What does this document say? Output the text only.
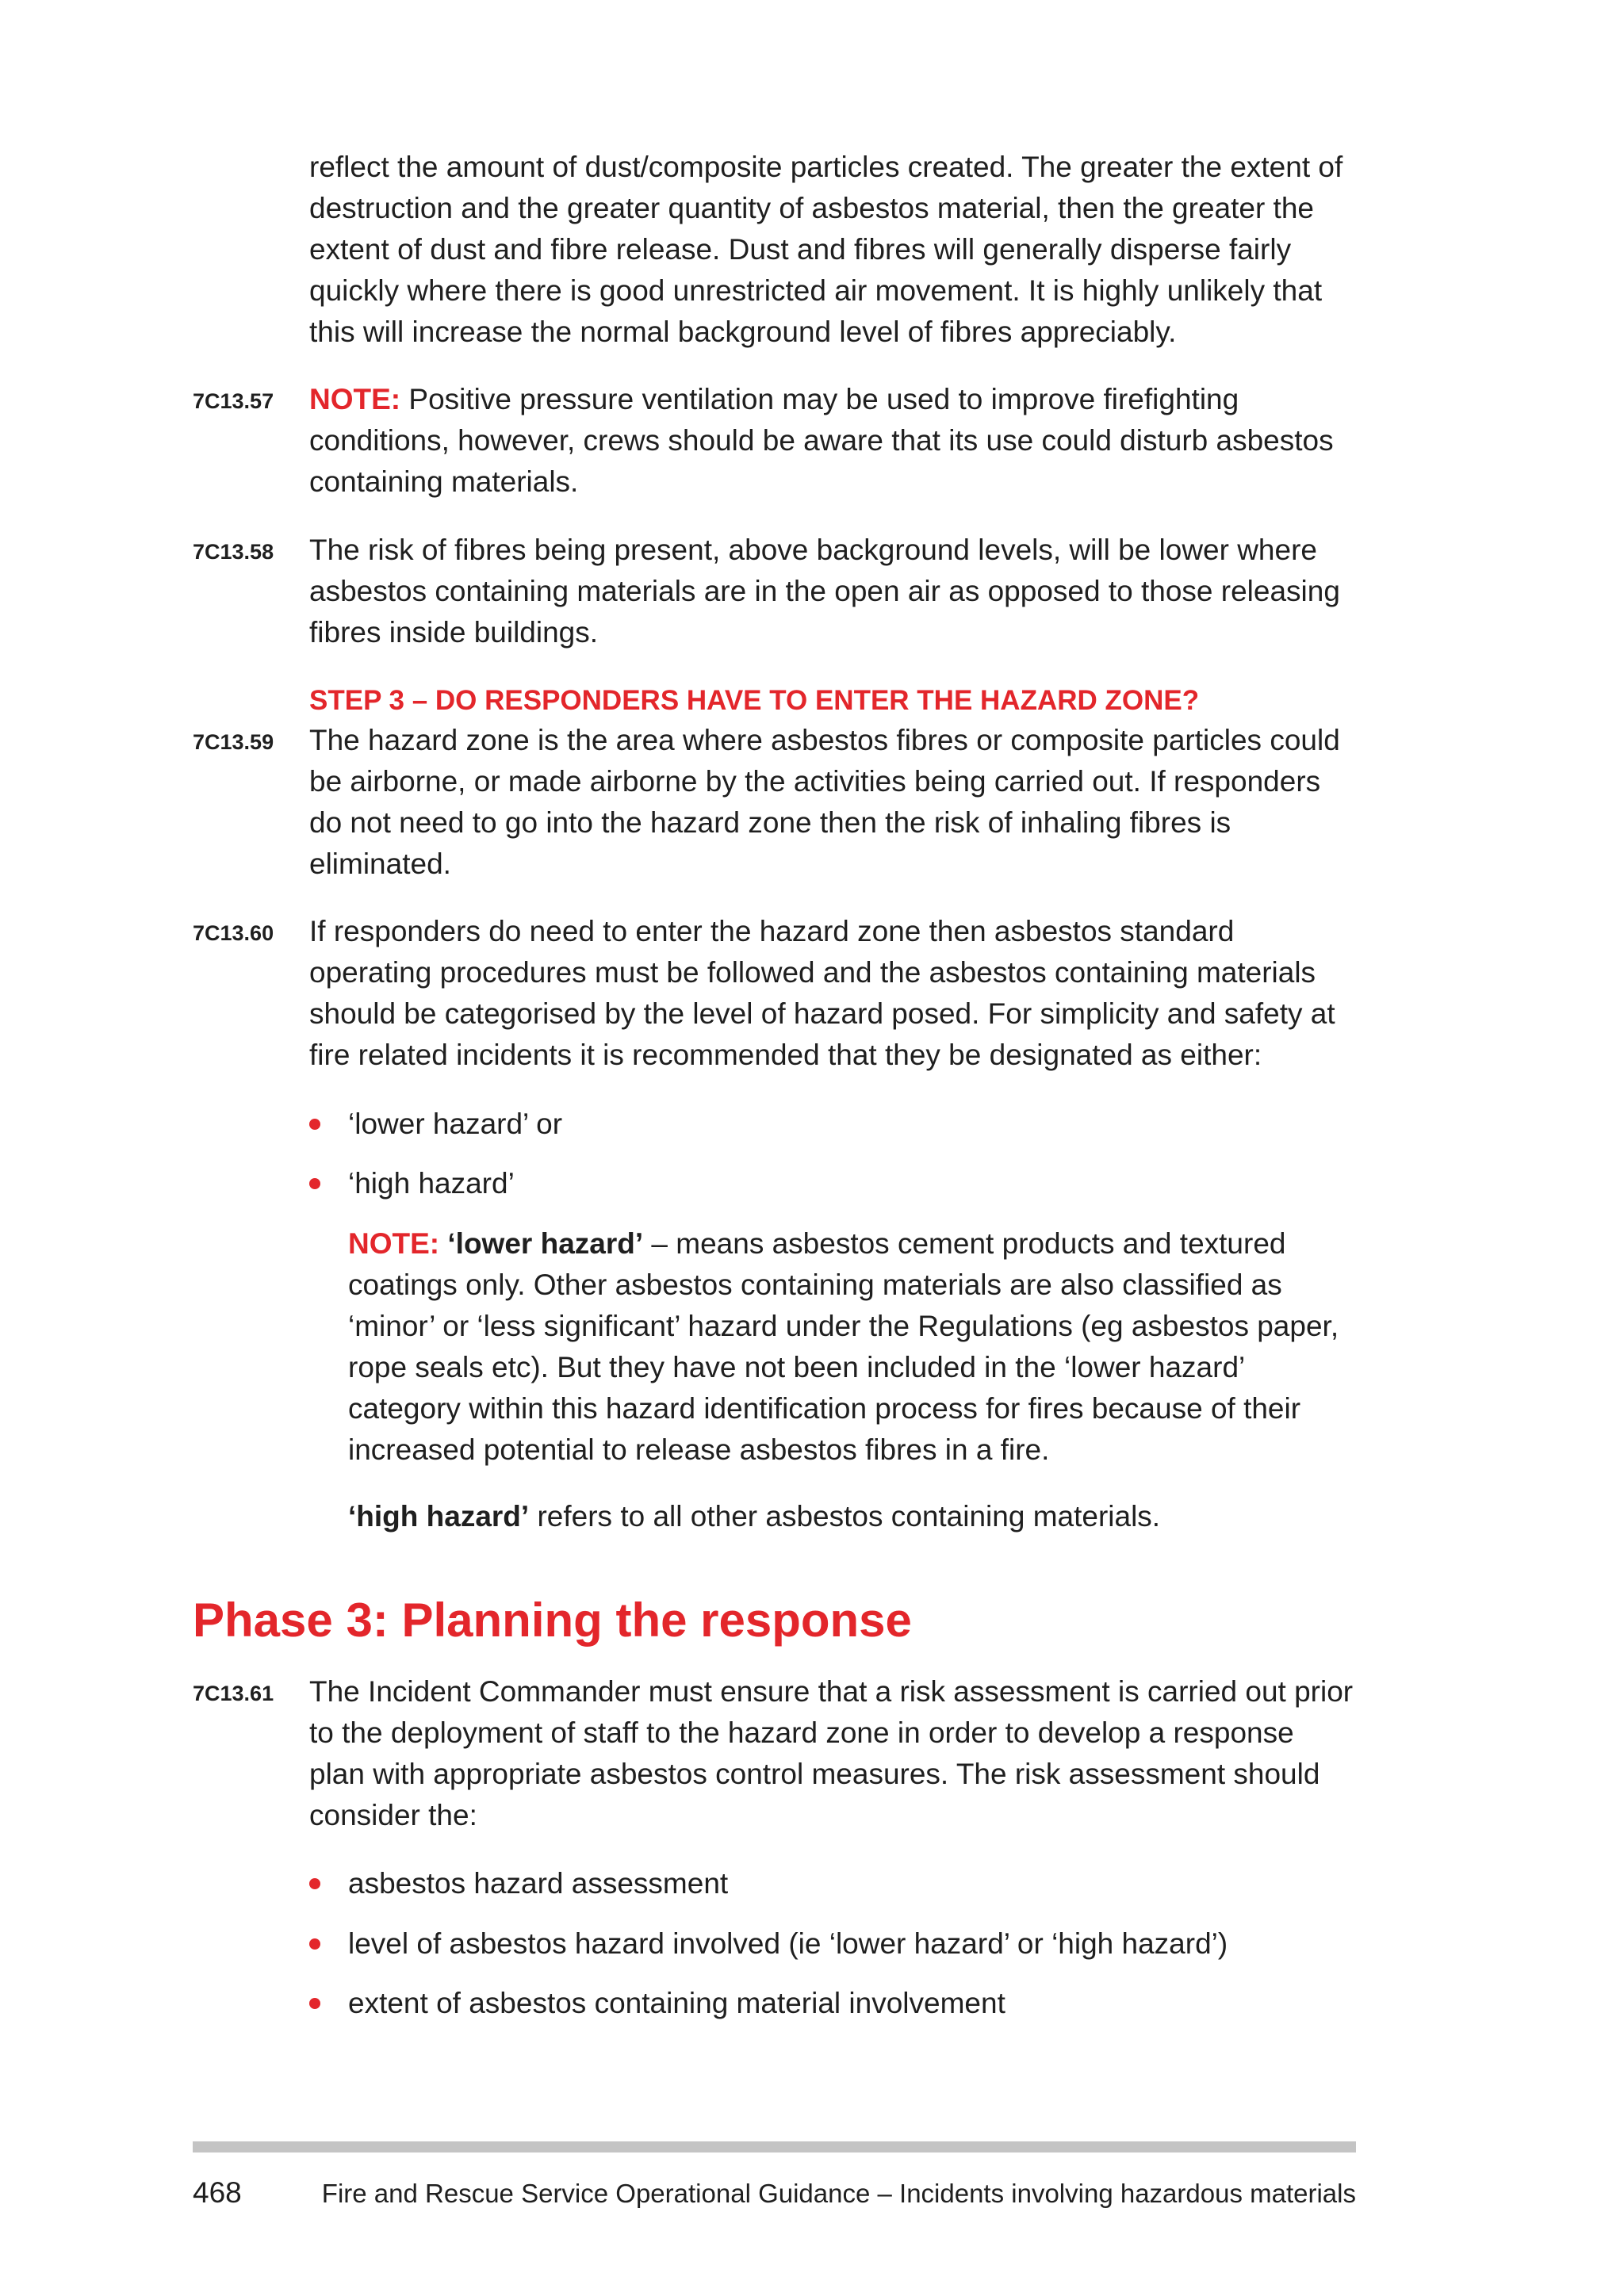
reflect the amount of dust/composite particles created. The greater the extent of destruction and the greater quantity of asbestos material, then the greater the extent of dust and fibre release. Dust and fibres will generally disperse fairly quickly where there is good unrestricted air movement. It is highly unlikely that this will increase the normal background level of fibres appreciably.

7C13.57 NOTE: Positive pressure ventilation may be used to improve firefighting conditions, however, crews should be aware that its use could disturb asbestos containing materials.

7C13.58 The risk of fibres being present, above background levels, will be lower where asbestos containing materials are in the open air as opposed to those releasing fibres inside buildings.

STEP 3 – DO RESPONDERS HAVE TO ENTER THE HAZARD ZONE?

7C13.59 The hazard zone is the area where asbestos fibres or composite particles could be airborne, or made airborne by the activities being carried out. If responders do not need to go into the hazard zone then the risk of inhaling fibres is eliminated.

7C13.60 If responders do need to enter the hazard zone then asbestos standard operating procedures must be followed and the asbestos containing materials should be categorised by the level of hazard posed. For simplicity and safety at fire related incidents it is recommended that they be designated as either:

‘lower hazard’ or
‘high hazard’

NOTE: ‘lower hazard’ – means asbestos cement products and textured coatings only. Other asbestos containing materials are also classified as ‘minor’ or ‘less significant’ hazard under the Regulations (eg asbestos paper, rope seals etc). But they have not been included in the ‘lower hazard’ category within this hazard identification process for fires because of their increased potential to release asbestos fibres in a fire.

‘high hazard’ refers to all other asbestos containing materials.

Phase 3: Planning the response
7C13.61 The Incident Commander must ensure that a risk assessment is carried out prior to the deployment of staff to the hazard zone in order to develop a response plan with appropriate asbestos control measures. The risk assessment should consider the:

asbestos hazard assessment
level of asbestos hazard involved (ie ‘lower hazard’ or ‘high hazard’)
extent of asbestos containing material involvement
468	Fire and Rescue Service Operational Guidance – Incidents involving hazardous materials
